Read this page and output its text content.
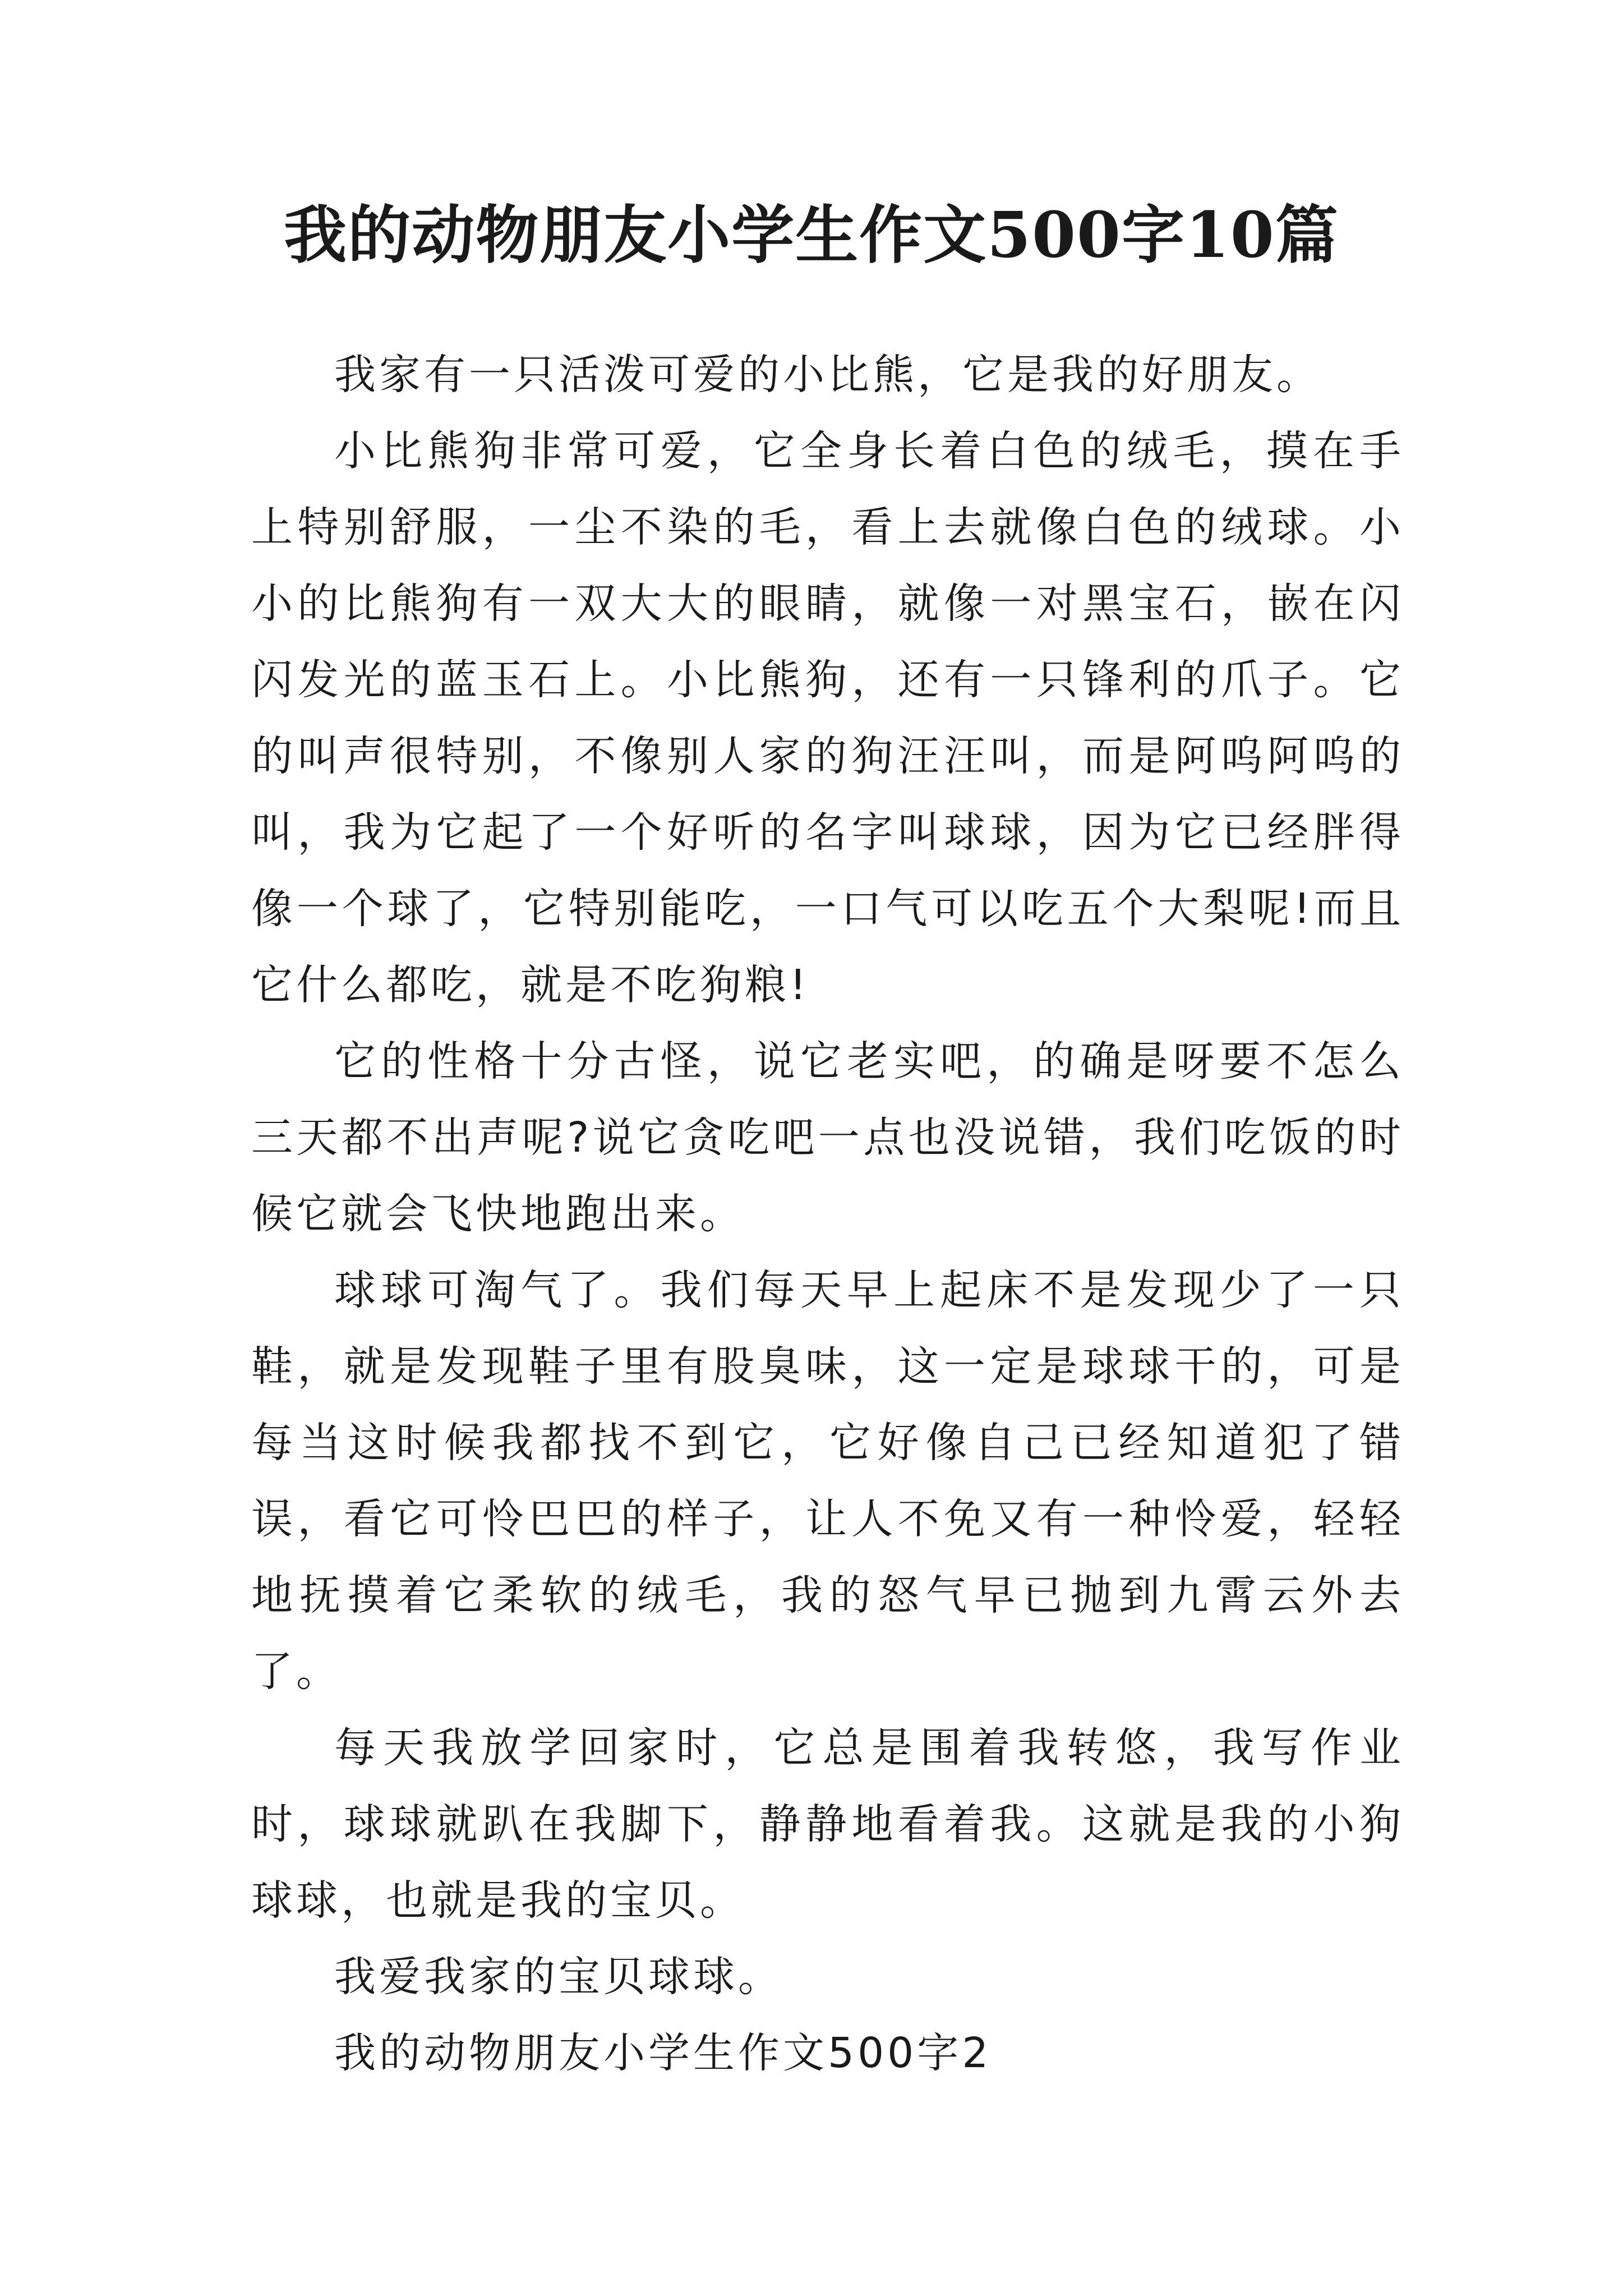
我的动物朋友小学生作文500字10篇

我家有一只活泼可爱的小比熊，它是我的好朋友。

小比熊狗非常可爱，它全身长着白色的绒毛，摸在手上特别舒服，一尘不染的毛，看上去就像白色的绒球。小小的比熊狗有一双大大的眼睛，就像一对黑宝石，嵌在闪闪发光的蓝玉石上。小比熊狗，还有一只锋利的爪子。它的叫声很特别，不像别人家的狗汪汪叫，而是阿呜阿呜的叫，我为它起了一个好听的名字叫球球，因为它已经胖得像一个球了，它特别能吃，一口气可以吃五个大梨呢!而且它什么都吃，就是不吃狗粮!

它的性格十分古怪，说它老实吧，的确是呀要不怎么三天都不出声呢?说它贪吃吧一点也没说错，我们吃饭的时候它就会飞快地跑出来。

球球可淘气了。我们每天早上起床不是发现少了一只鞋，就是发现鞋子里有股臭味，这一定是球球干的，可是每当这时候我都找不到它，它好像自己已经知道犯了错误，看它可怜巴巴的样子，让人不免又有一种怜爱，轻轻地抚摸着它柔软的绒毛，我的怒气早已抛到九霄云外去了。

每天我放学回家时，它总是围着我转悠，我写作业时，球球就趴在我脚下，静静地看着我。这就是我的小狗球球，也就是我的宝贝。

我爱我家的宝贝球球。

我的动物朋友小学生作文500字2
